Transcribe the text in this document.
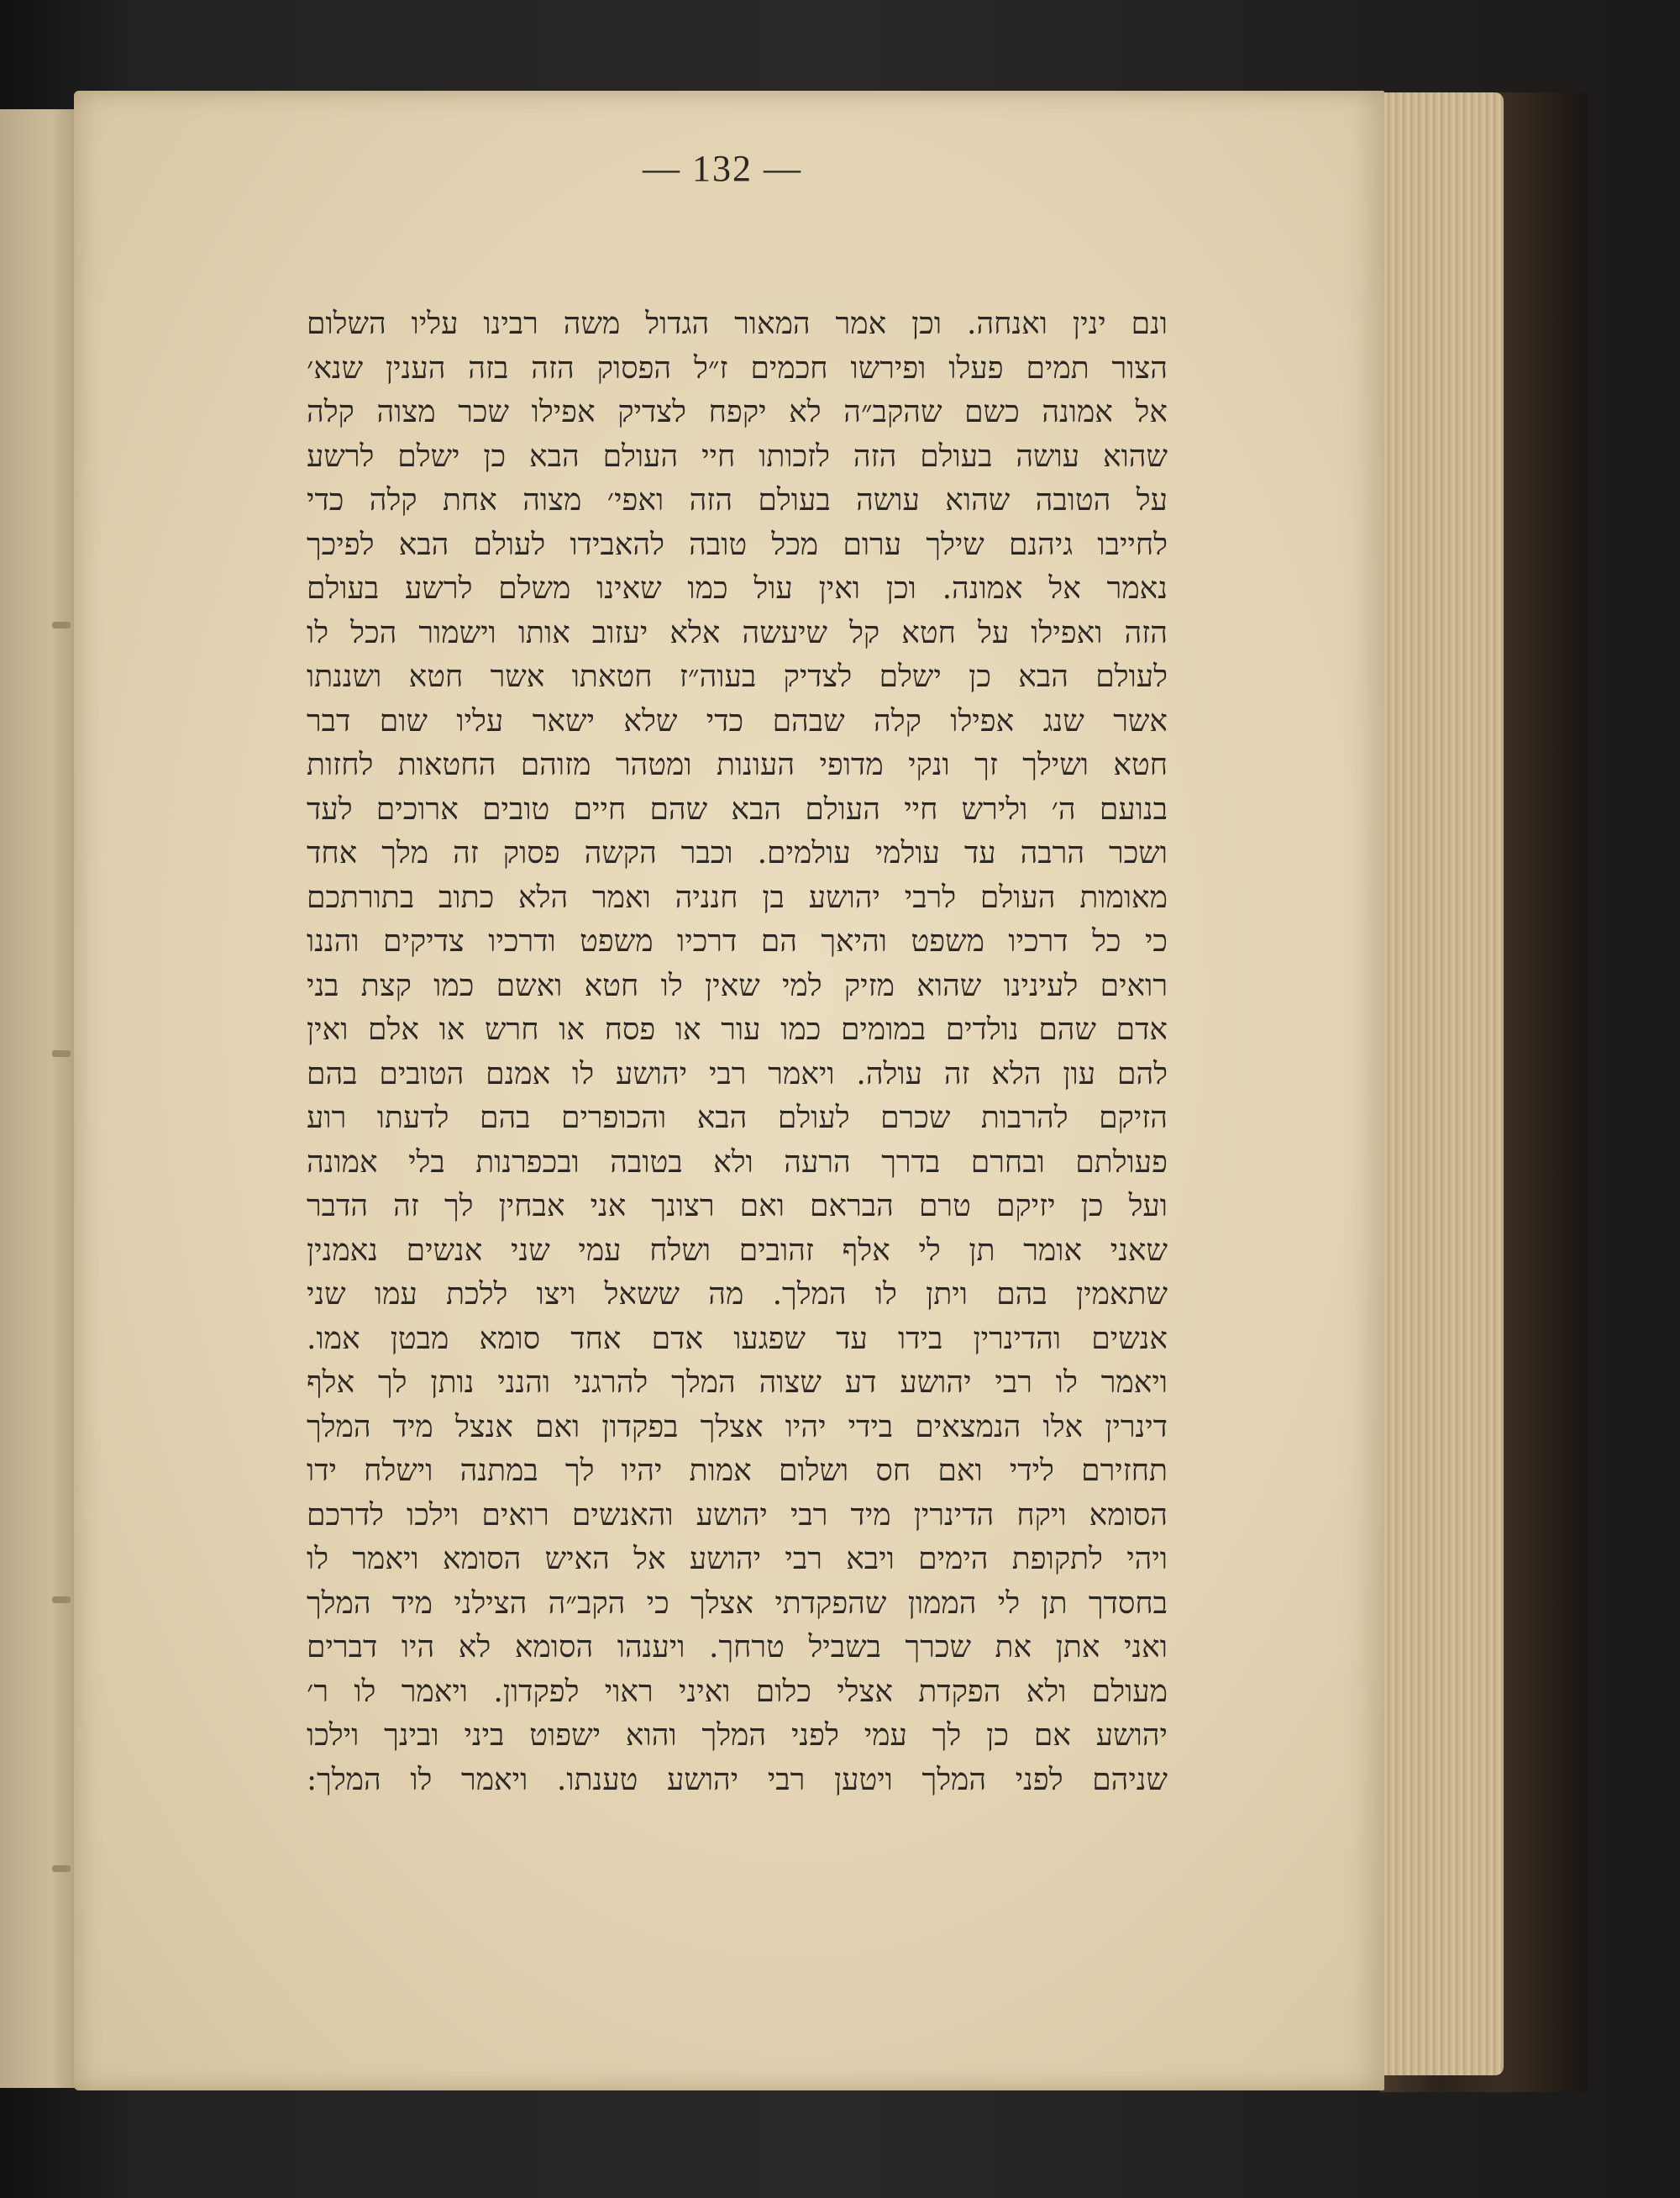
— 132 —
ונם ינין ואנחה. וכן אמר המאור הגדול משה רבינו עליו השלום
הצור תמים פעלו ופירשו חכמים ז״ל הפסוק הזה בזה הענין שנא׳
אל אמונה כשם שהקב״ה לא יקפח לצדיק אפילו שכר מצוה קלה
שהוא עושה בעולם הזה לזכותו חיי העולם הבא כן ישלם לרשע
על הטובה שהוא עושה בעולם הזה ואפי׳ מצוה אחת קלה כדי
לחייבו גיהנם שילך ערום מכל טובה להאבידו לעולם הבא לפיכך
נאמר אל אמונה. וכן ואין עול כמו שאינו משלם לרשע בעולם
הזה ואפילו על חטא קל שיעשה אלא יעזוב אותו וישמור הכל לו
לעולם הבא כן ישלם לצדיק בעוה״ז חטאתו אשר חטא ושננתו
אשר שנג אפילו קלה שבהם כדי שלא ישאר עליו שום דבר
חטא ושילך זך ונקי מדופי העונות ומטהר מזוהם החטאות לחזות
בנועם ה׳ ולירש חיי העולם הבא שהם חיים טובים ארוכים לעד
ושכר הרבה עד עולמי עולמים. וכבר הקשה פסוק זה מלך אחד
מאומות העולם לרבי יהושע בן חנניה ואמר הלא כתוב בתורתכם
כי כל דרכיו משפט והיאך הם דרכיו משפט ודרכיו צדיקים והננו
רואים לעינינו שהוא מזיק למי שאין לו חטא ואשם כמו קצת בני
אדם שהם נולדים במומים כמו עור או פסח או חרש או אלם ואין
להם עון הלא זה עולה. ויאמר רבי יהושע לו אמנם הטובים בהם
הזיקם להרבות שכרם לעולם הבא והכופרים בהם לדעתו רוע
פעולתם ובחרם בדרך הרעה ולא בטובה ובכפרנות בלי אמונה
ועל כן יזיקם טרם הבראם ואם רצונך אני אבחין לך זה הדבר
שאני אומר תן לי אלף זהובים ושלח עמי שני אנשים נאמנין
שתאמין בהם ויתן לו המלך. מה ששאל ויצו ללכת עמו שני
אנשים והדינרין בידו עד שפגעו אדם אחד סומא מבטן אמו.
ויאמר לו רבי יהושע דע שצוה המלך להרגני והנני נותן לך אלף
דינרין אלו הנמצאים בידי יהיו אצלך בפקדון ואם אנצל מיד המלך
תחזירם לידי ואם חס ושלום אמות יהיו לך במתנה וישלח ידו
הסומא ויקח הדינרין מיד רבי יהושע והאנשים רואים וילכו לדרכם
ויהי לתקופת הימים ויבא רבי יהושע אל האיש הסומא ויאמר לו
בחסדך תן לי הממון שהפקדתי אצלך כי הקב״ה הצילני מיד המלך
ואני אתן את שכרך בשביל טרחך. ויענהו הסומא לא היו דברים
מעולם ולא הפקדת אצלי כלום ואיני ראוי לפקדון. ויאמר לו ר׳
יהושע אם כן לך עמי לפני המלך והוא ישפוט ביני ובינך וילכו
שניהם לפני המלך ויטען רבי יהושע טענתו. ויאמר לו המלך:
